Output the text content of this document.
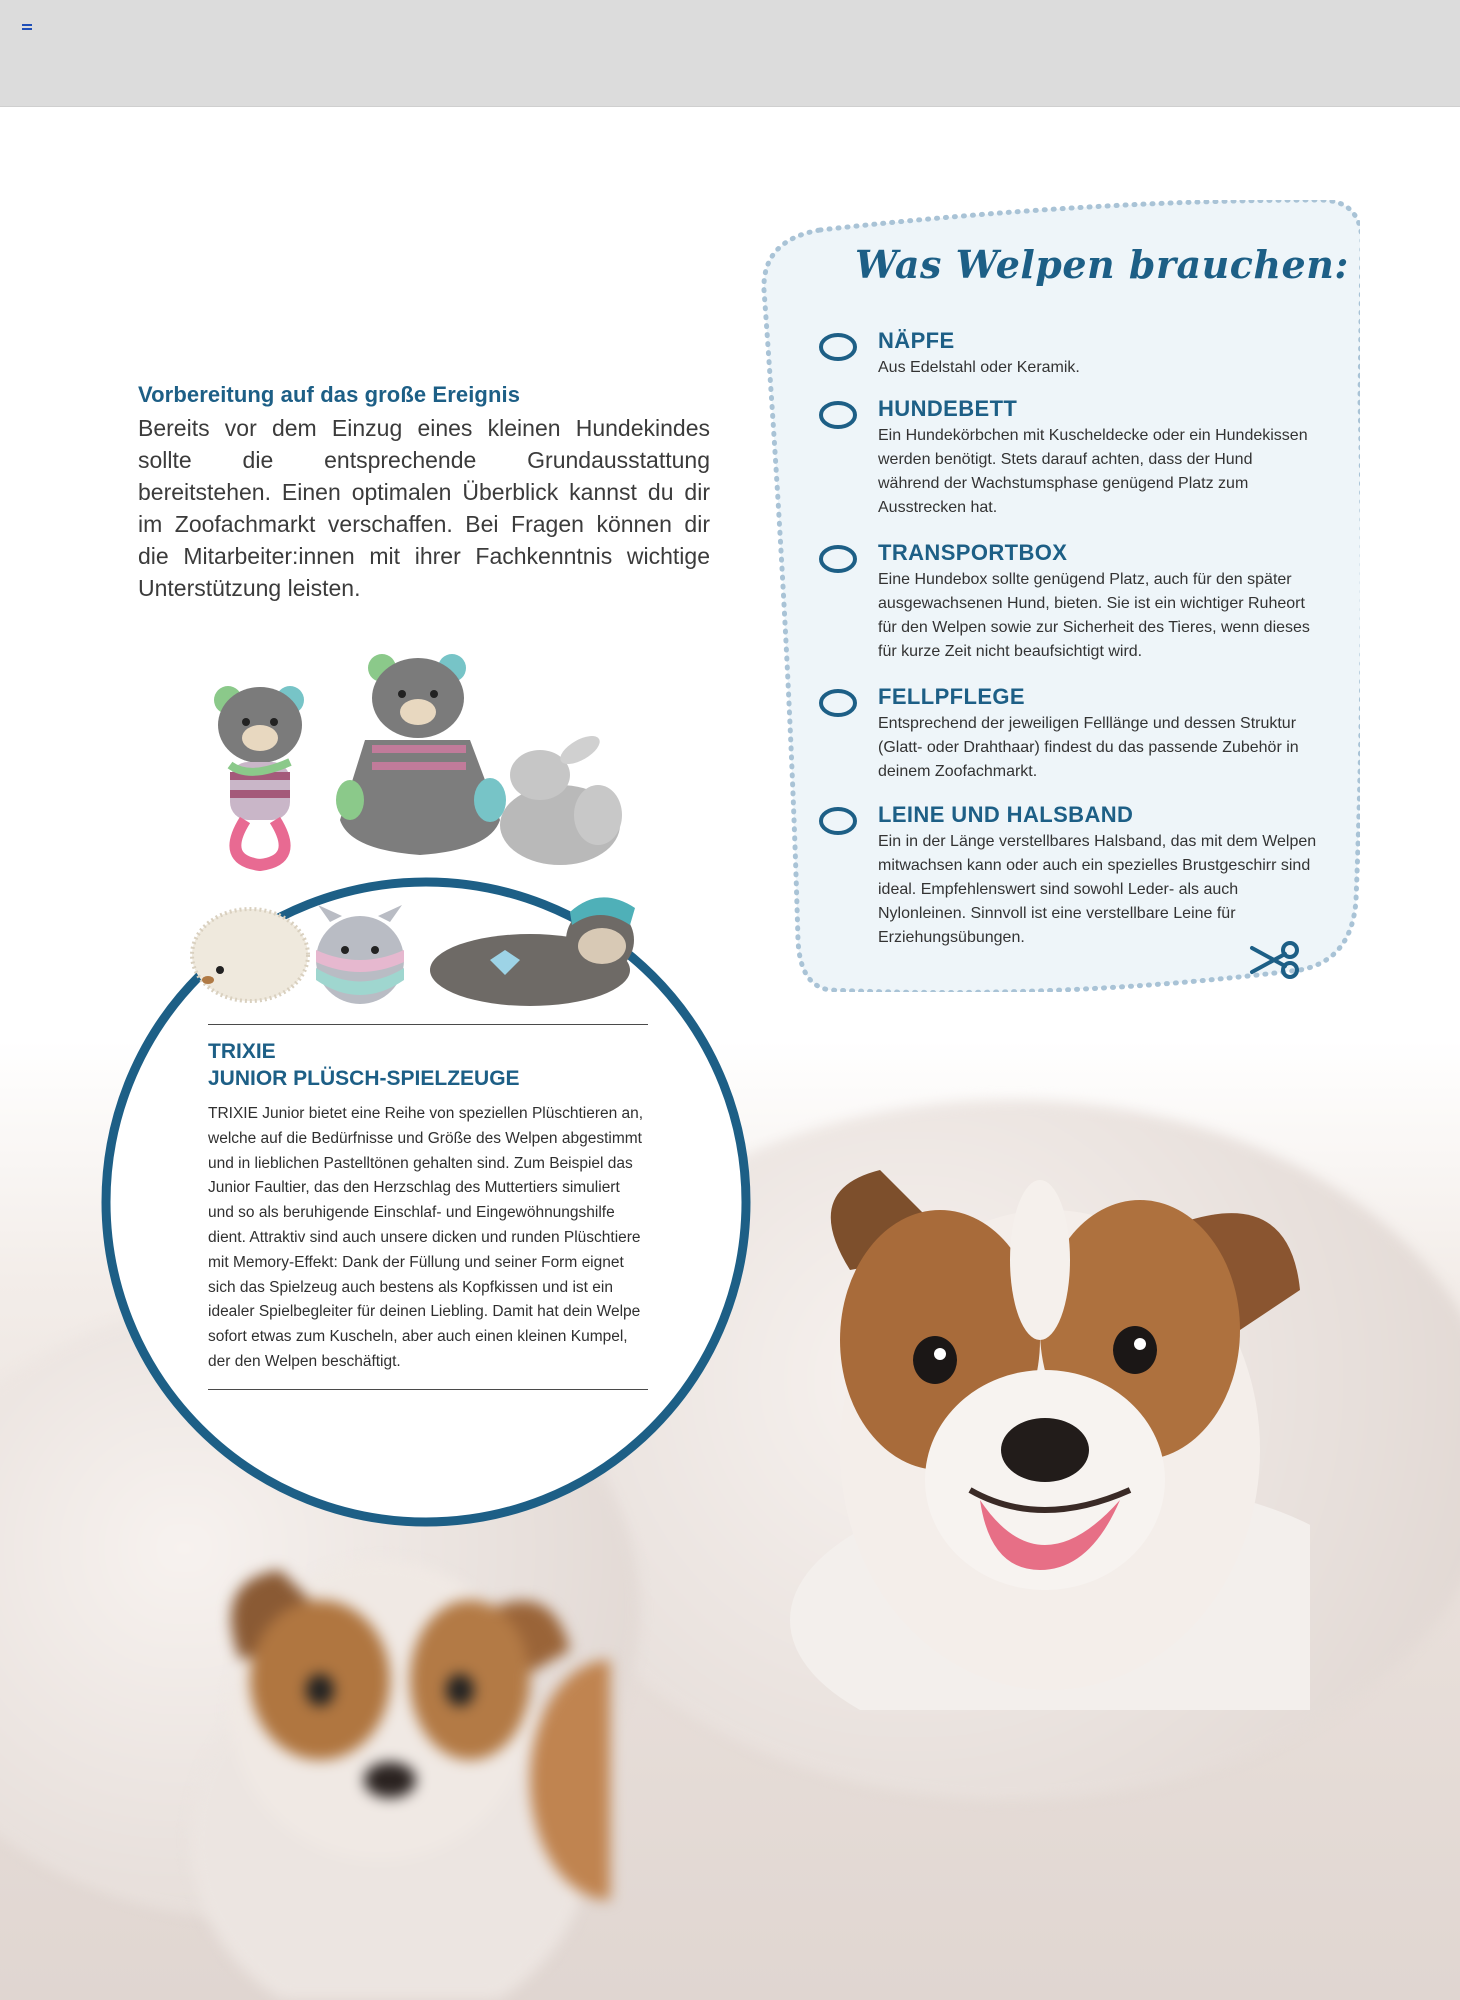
Vorbereitung auf das große Ereignis

Bereits vor dem Einzug eines kleinen Hundekindes sollte die entsprechende Grundausstattung bereitstehen. Einen optimalen Überblick kannst du dir im Zoofachmarkt verschaffen. Bei Fragen können dir die Mitarbeiter:innen mit ihrer Fachkenntnis wichtige Unterstützung leisten.

Was Welpen brauchen:
NÄPFE

Aus Edelstahl oder Keramik.

HUNDEBETT

Ein Hundekörbchen mit Kuscheldecke oder ein Hundekissen werden benötigt. Stets darauf achten, dass der Hund während der Wachstumsphase genügend Platz zum Ausstrecken hat.

TRANSPORTBOX

Eine Hundebox sollte genügend Platz, auch für den später ausgewachsenen Hund, bieten. Sie ist ein wichtiger Ruheort für den Welpen sowie zur Sicherheit des Tieres, wenn dieses für kurze Zeit nicht beaufsichtigt wird.

FELLPFLEGE

Entsprechend der jeweiligen Felllänge und dessen Struktur (Glatt- oder Drahthaar) findest du das passende Zubehör in deinem Zoofachmarkt.

LEINE UND HALSBAND

Ein in der Länge verstellbares Halsband, das mit dem Welpen mitwachsen kann oder auch ein spezielles Brustgeschirr sind ideal. Empfehlenswert sind sowohl Leder- als auch Nylonleinen. Sinnvoll ist eine verstellbare Leine für Erziehungsübungen.

TRIXIE
JUNIOR PLÜSCH-SPIELZEUGE

TRIXIE Junior bietet eine Reihe von speziellen Plüschtieren an, welche auf die Bedürfnisse und Größe des Welpen abgestimmt und in lieblichen Pastelltönen gehalten sind. Zum Beispiel das Junior Faultier, das den Herzschlag des Muttertiers simuliert und so als beruhigende Einschlaf- und Eingewöhnungshilfe dient. Attraktiv sind auch unsere dicken und runden Plüschtiere mit Memory-Effekt: Dank der Füllung und seiner Form eignet sich das Spielzeug auch bestens als Kopfkissen und ist ein idealer Spielbegleiter für deinen Liebling. Damit hat dein Welpe sofort etwas zum Kuscheln, aber auch einen kleinen Kumpel, der den Welpen beschäftigt.
